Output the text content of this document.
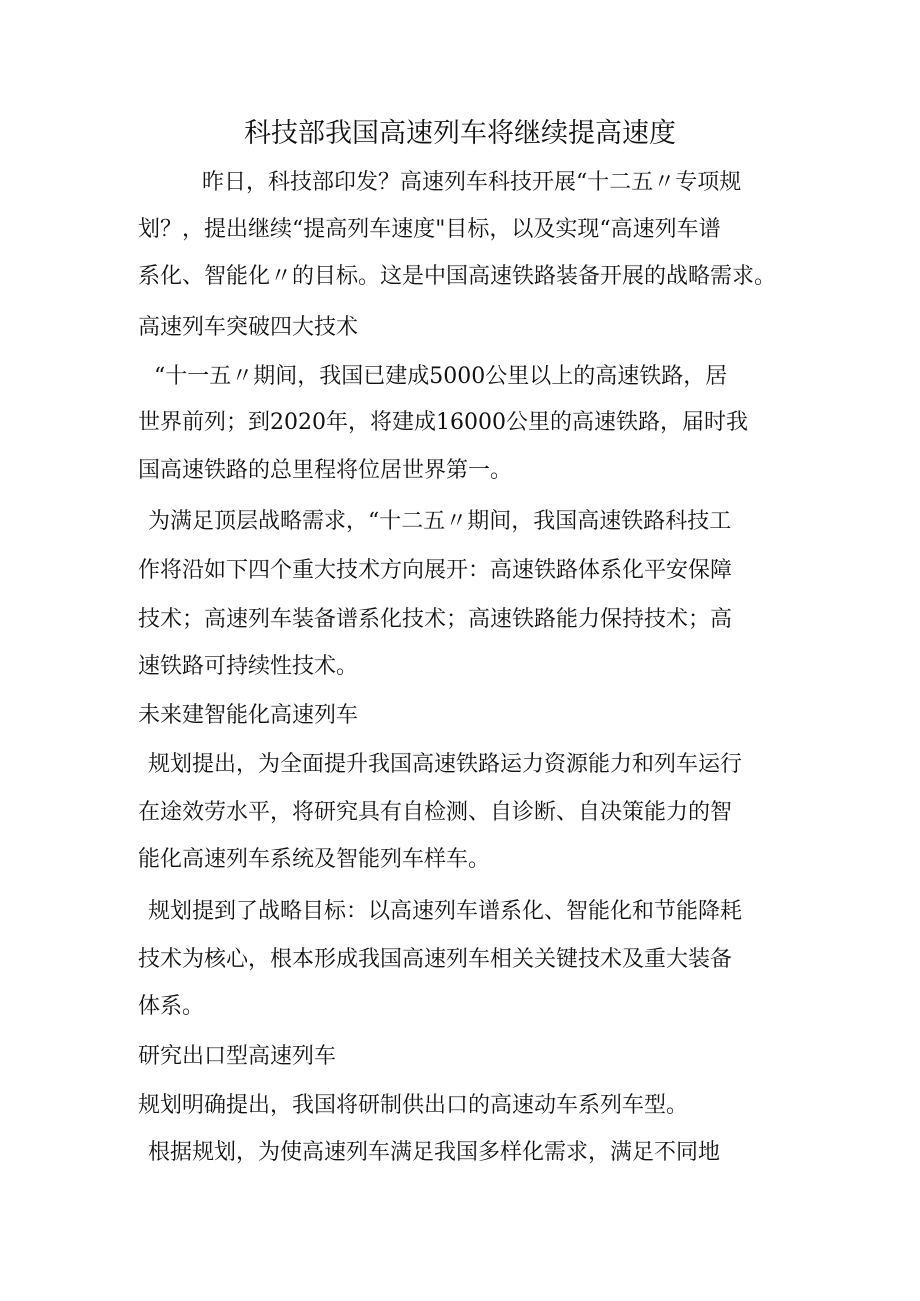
科技部我国高速列车将继续提高速度
昨日，科技部印发？高速列车科技开展“十二五〃专项规
划？，提出继续“提高列车速度"目标，以及实现“高速列车谱
系化、智能化〃的目标。这是中国高速铁路装备开展的战略需求。
高速列车突破四大技术
“十一五〃期间，我国已建成5000公里以上的高速铁路，居
世界前列；到2020年，将建成16000公里的高速铁路，届时我
国高速铁路的总里程将位居世界第一。
为满足顶层战略需求，“十二五〃期间，我国高速铁路科技工
作将沿如下四个重大技术方向展开：高速铁路体系化平安保障
技术；高速列车装备谱系化技术；高速铁路能力保持技术；高
速铁路可持续性技术。
未来建智能化高速列车
规划提出，为全面提升我国高速铁路运力资源能力和列车运行
在途效劳水平，将研究具有自检测、自诊断、自决策能力的智
能化高速列车系统及智能列车样车。
规划提到了战略目标：以高速列车谱系化、智能化和节能降耗
技术为核心，根本形成我国高速列车相关关键技术及重大装备
体系。
研究出口型高速列车
规划明确提出，我国将研制供出口的高速动车系列车型。
根据规划，为使高速列车满足我国多样化需求，满足不同地
